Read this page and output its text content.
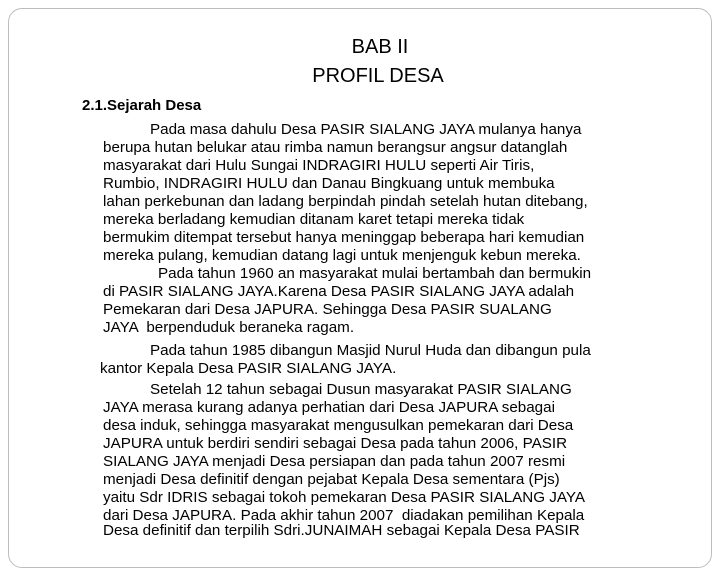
BAB II
PROFIL DESA
2.1.Sejarah Desa

Pada masa dahulu Desa PASIR SIALANG JAYA mulanya hanya

berupa hutan belukar atau rimba namun berangsur angsur datanglah

masyarakat dari Hulu Sungai INDRAGIRI HULU seperti Air Tiris,

Rumbio, INDRAGIRI HULU dan Danau Bingkuang untuk membuka

lahan perkebunan dan ladang berpindah pindah setelah hutan ditebang,

mereka berladang kemudian ditanam karet tetapi mereka tidak

bermukim ditempat tersebut hanya meninggap beberapa hari kemudian

mereka pulang, kemudian datang lagi untuk menjenguk kebun mereka.

Pada tahun 1960 an masyarakat mulai bertambah dan bermukin

di PASIR SIALANG JAYA.Karena Desa PASIR SIALANG JAYA adalah

Pemekaran dari Desa JAPURA. Sehingga Desa PASIR SUALANG

JAYA  berpenduduk beraneka ragam.

Pada tahun 1985 dibangun Masjid Nurul Huda dan dibangun pula

kantor Kepala Desa PASIR SIALANG JAYA.

Setelah 12 tahun sebagai Dusun masyarakat PASIR SIALANG

JAYA merasa kurang adanya perhatian dari Desa JAPURA sebagai

desa induk, sehingga masyarakat mengusulkan pemekaran dari Desa

JAPURA untuk berdiri sendiri sebagai Desa pada tahun 2006, PASIR

SIALANG JAYA menjadi Desa persiapan dan pada tahun 2007 resmi

menjadi Desa definitif dengan pejabat Kepala Desa sementara (Pjs)

yaitu Sdr IDRIS sebagai tokoh pemekaran Desa PASIR SIALANG JAYA

dari Desa JAPURA. Pada akhir tahun 2007  diadakan pemilihan Kepala

Desa definitif dan terpilih Sdri.JUNAIMAH sebagai Kepala Desa PASIR
